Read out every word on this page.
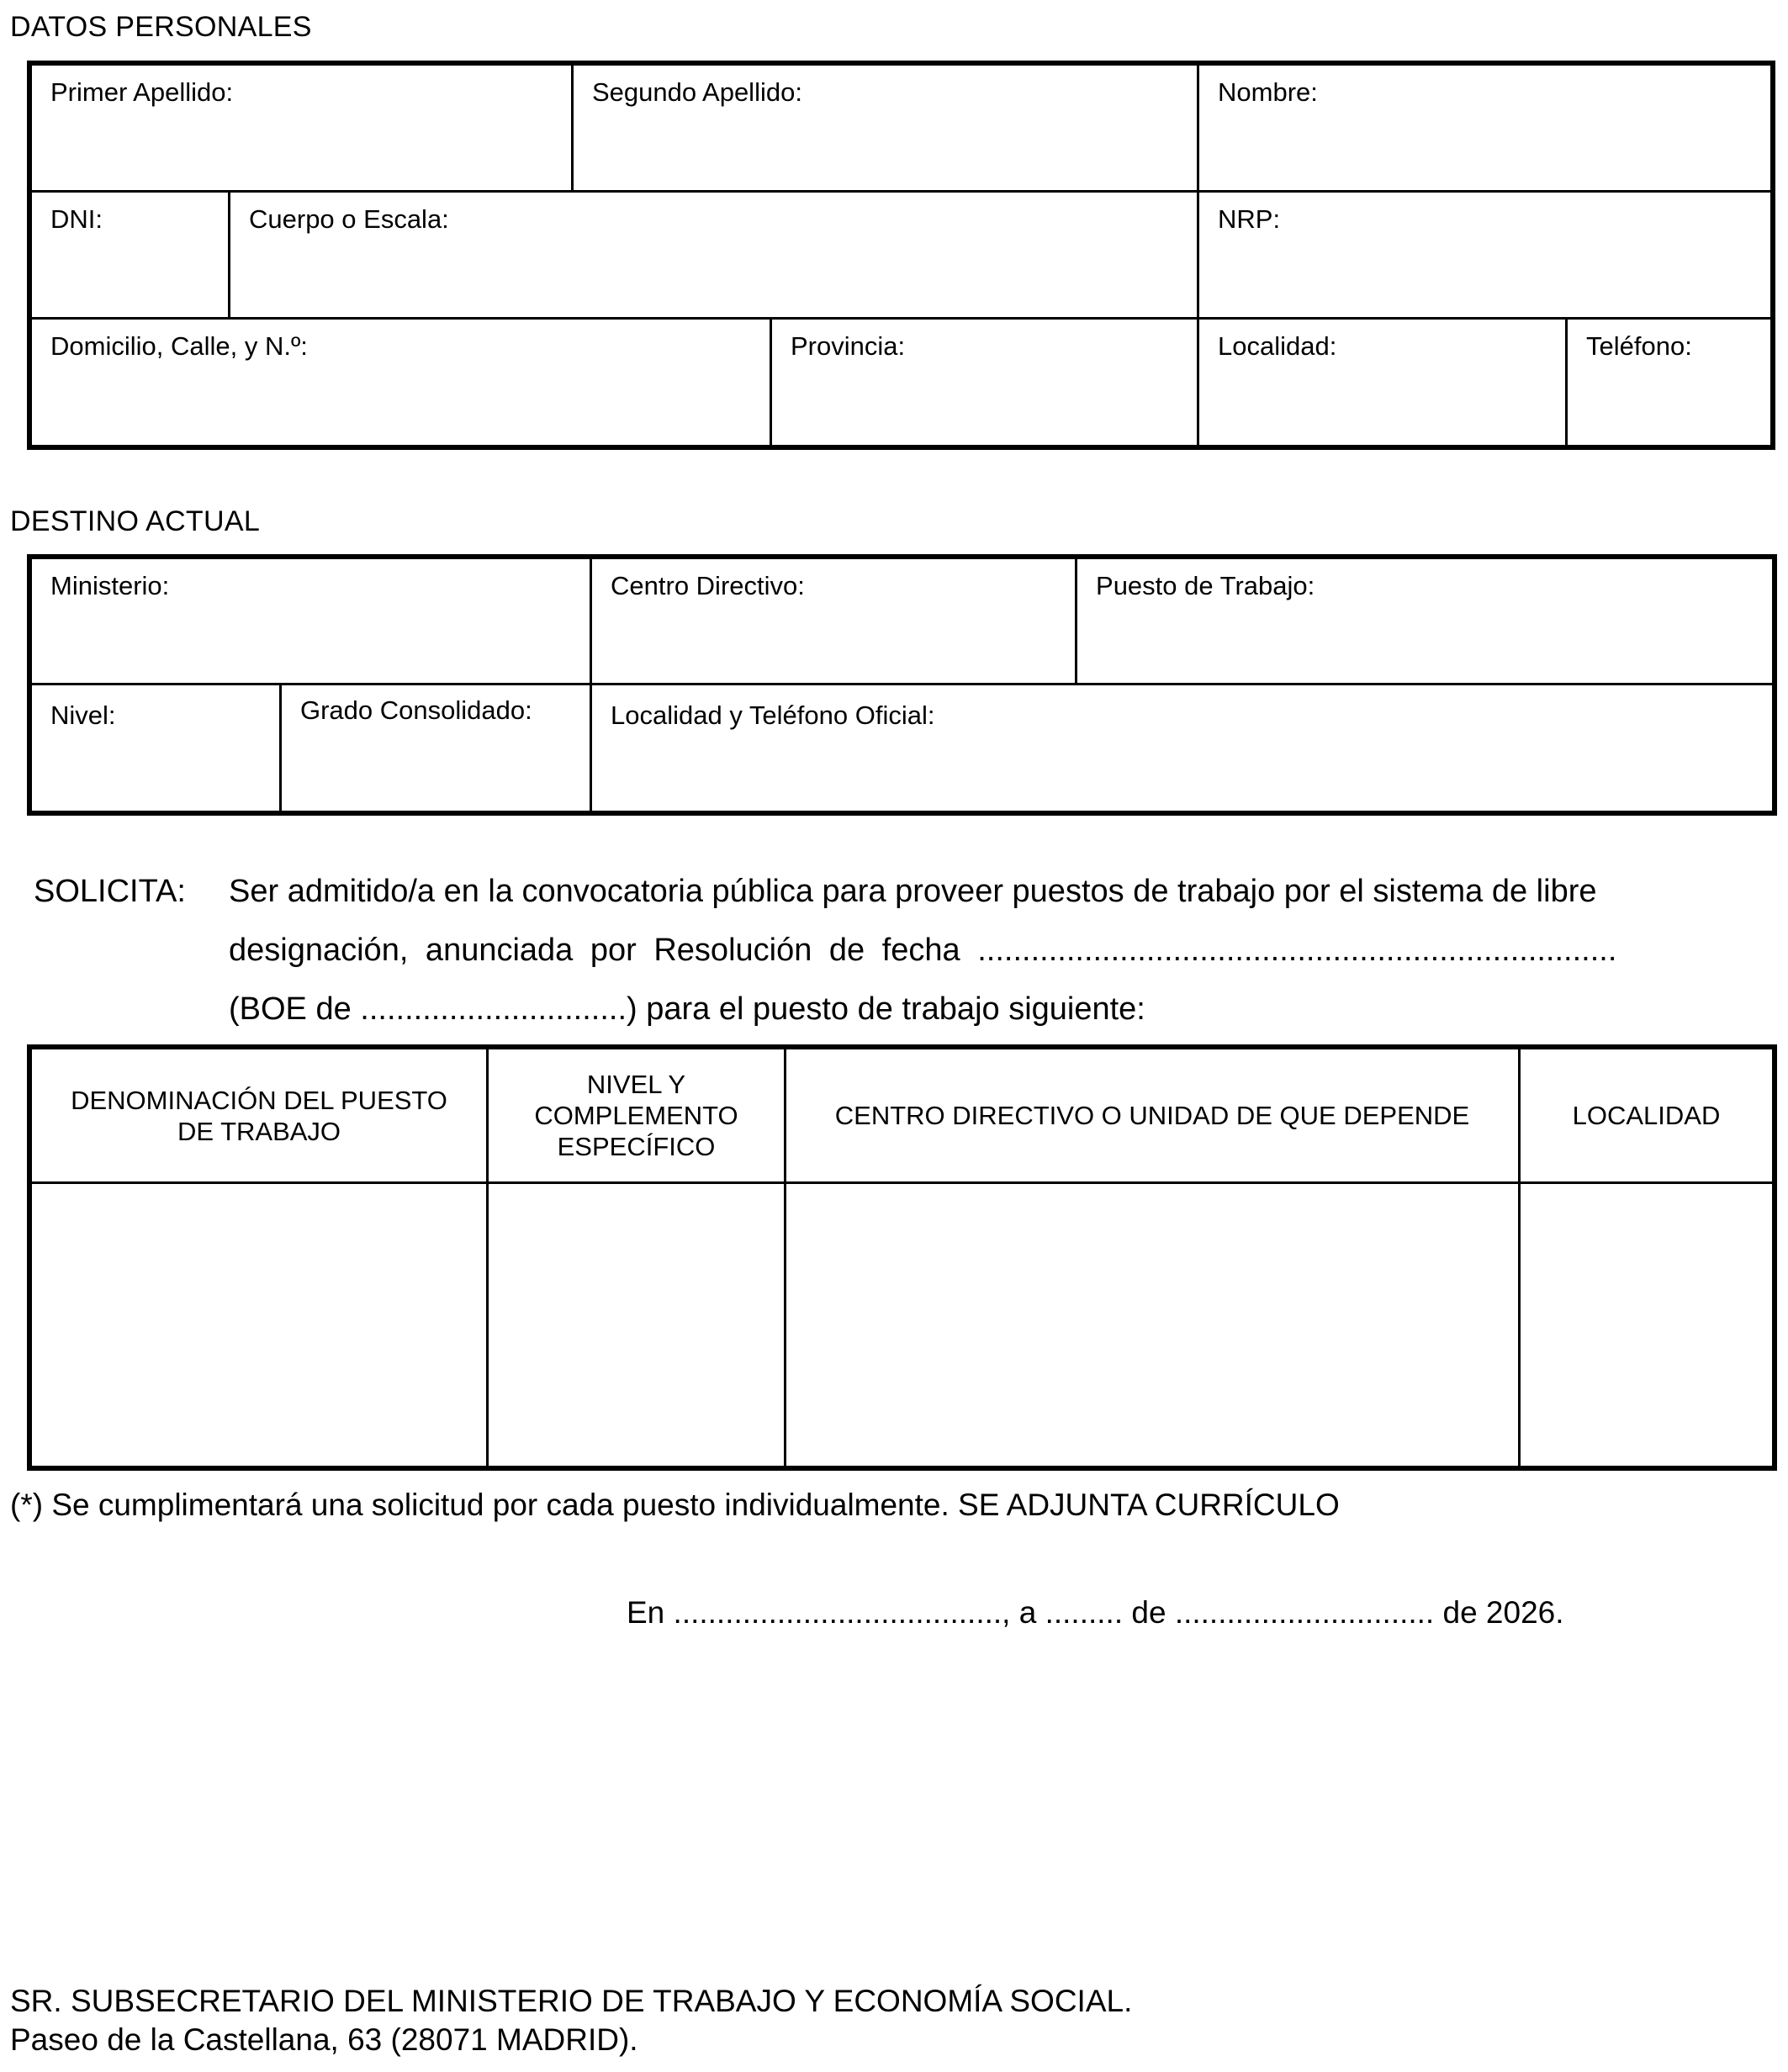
DATOS PERSONALES
Primer Apellido:		Segundo Apellido:		Nombre:	
DNI:	Cuerpo o Escala:			NRP:	
Domicilio, Calle, y N.º:			Provincia:	Localidad:	Teléfono:
DESTINO ACTUAL
Ministerio:		Centro Directivo:	Puesto de Trabajo:
Nivel:	Grado Consolidado:	Localidad y Teléfono Oficial:	
SOLICITA: Ser admitido/a en la convocatoria pública para proveer puestos de trabajo por el sistema de libre
designación, anunciada por Resolución de fecha ........................................................................
(BOE de ..............................) para el puesto de trabajo siguiente:
DENOMINACIÓN DEL PUESTO DE TRABAJO	NIVEL Y COMPLEMENTO ESPECÍFICO	CENTRO DIRECTIVO O UNIDAD DE QUE DEPENDE	LOCALIDAD

(*) Se cumplimentará una solicitud por cada puesto individualmente. SE ADJUNTA CURRÍCULO
En ......................................, a ......... de .............................. de 2026.
SR. SUBSECRETARIO DEL MINISTERIO DE TRABAJO Y ECONOMÍA SOCIAL.
Paseo de la Castellana, 63 (28071 MADRID).
